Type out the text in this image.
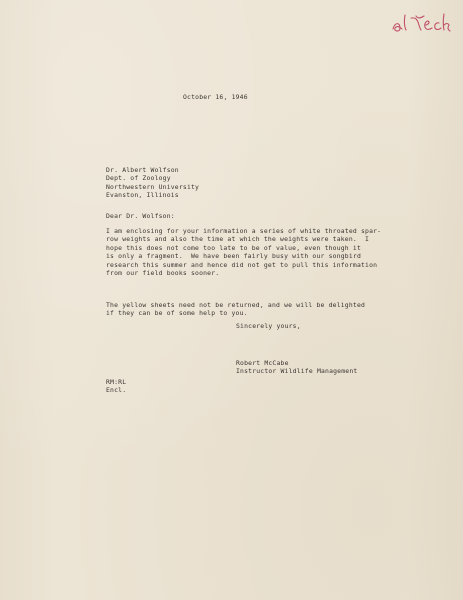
October 16, 1946

Dr. Albert Wolfson
Dept. of Zoology
Northwestern University
Evanston, Illinois

Dear Dr. Wolfson:

I am enclosing for your information a series of white throated spar-
row weights and also the time at which the weights were taken.  I
hope this does not come too late to be of value, even though it
is only a fragment.  We have been fairly busy with our songbird
research this summer and hence did not get to pull this information
from our field books sooner.
The yellow sheets need not be returned, and we will be delighted
if they can be of some help to you.

Sincerely yours,

Robert McCabe
Instructor Wildlife Management
RM:RL
Encl.
